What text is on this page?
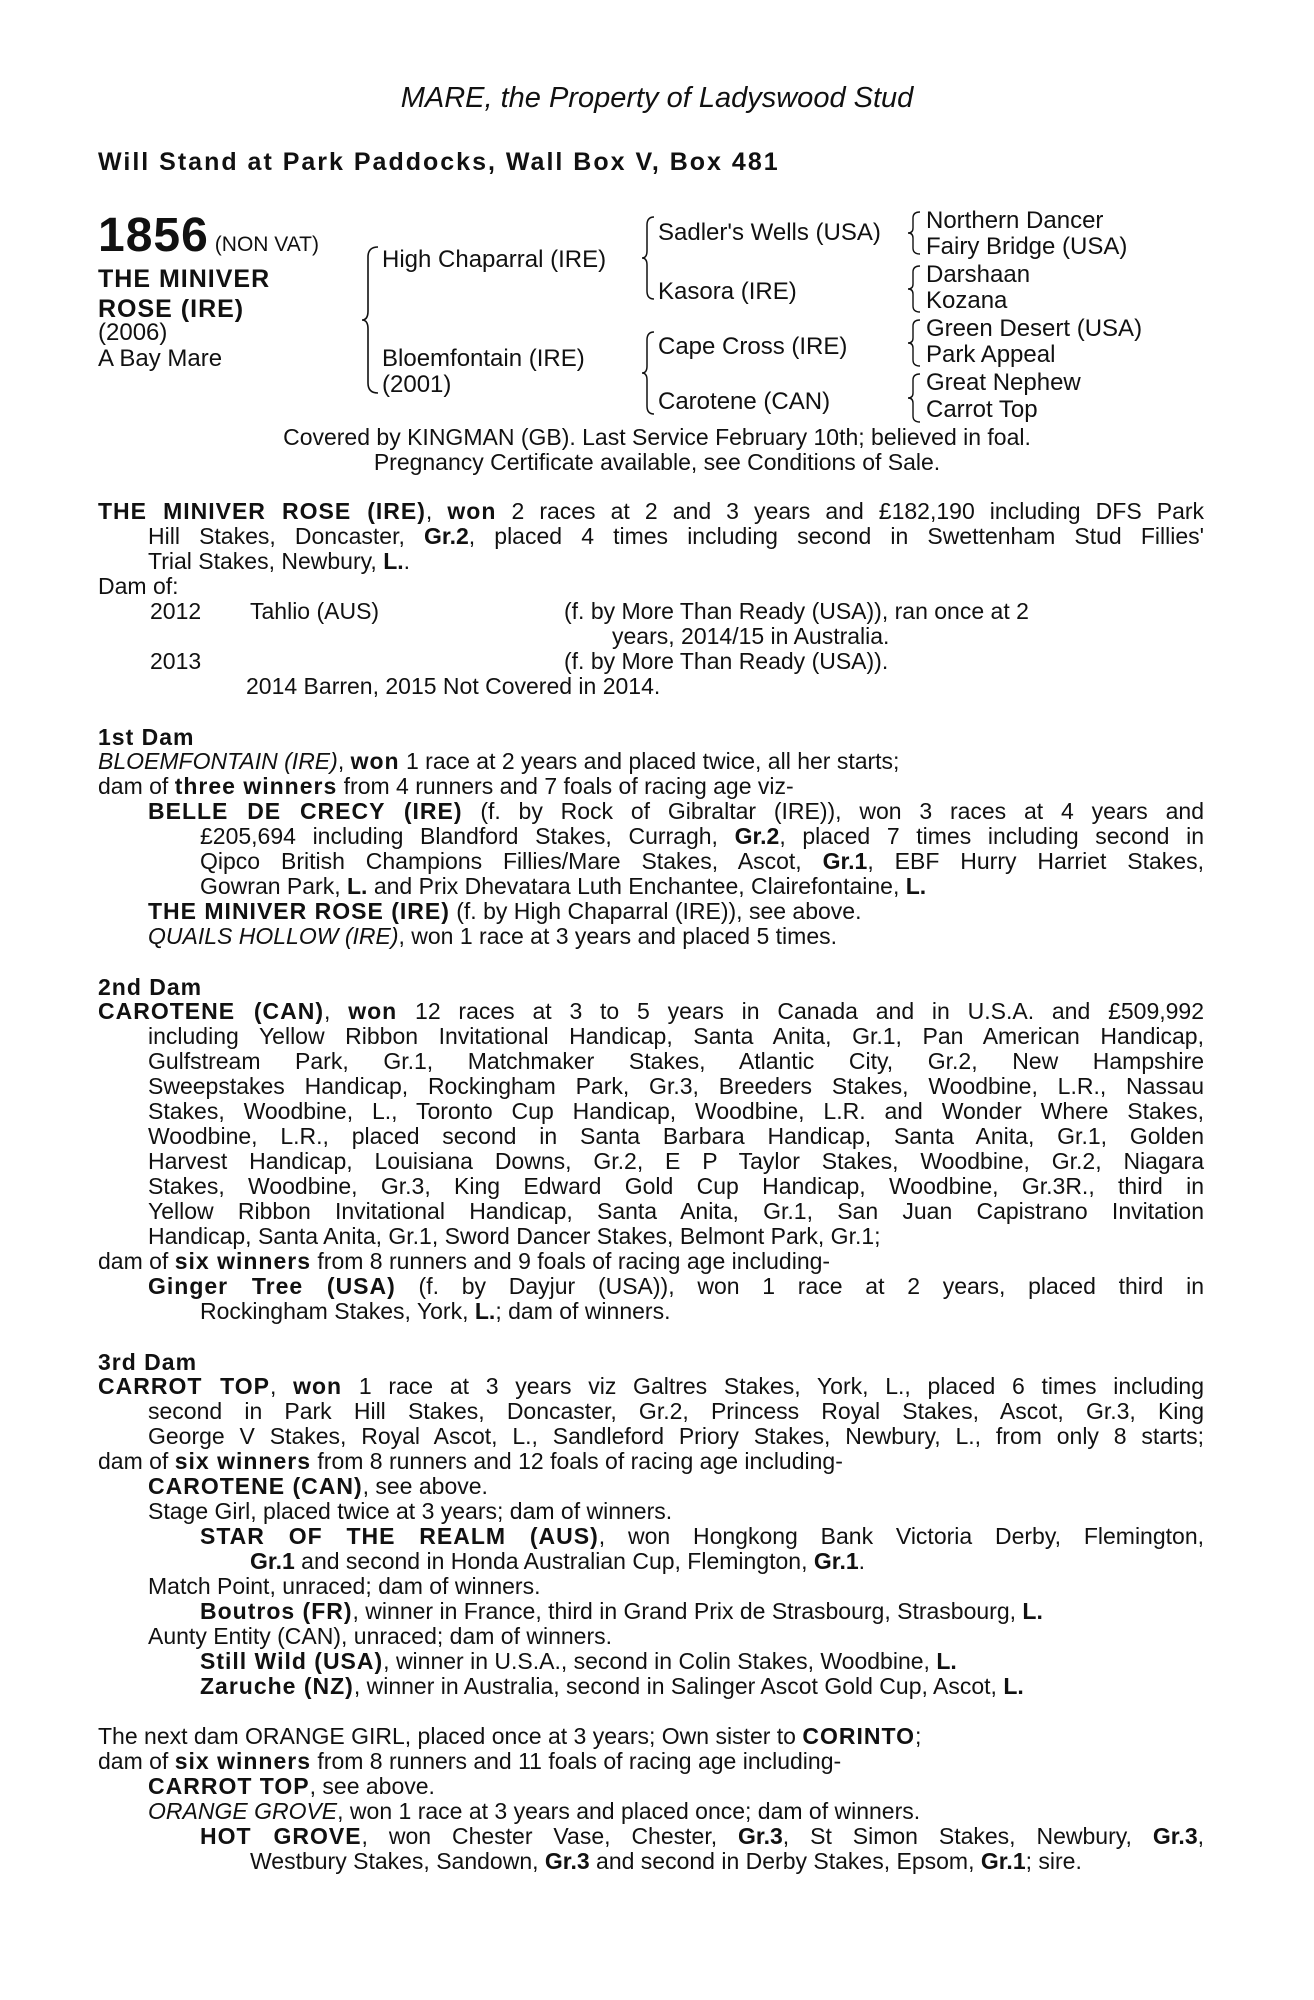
MARE, the Property of Ladyswood Stud
Will Stand at Park Paddocks, Wall Box V, Box 481
1856 (NON VAT)
THE MINIVER
ROSE (IRE)
(2006)
A Bay Mare
High Chaparral (IRE)
Bloemfontain (IRE)
(2001)
Sadler's Wells (USA)
Kasora (IRE)
Cape Cross (IRE)
Carotene (CAN)
Northern Dancer
Fairy Bridge (USA)
Darshaan
Kozana
Green Desert (USA)
Park Appeal
Great Nephew
Carrot Top
Covered by KINGMAN (GB). Last Service February 10th; believed in foal.
Pregnancy Certificate available, see Conditions of Sale.
THE MINIVER ROSE (IRE), won 2 races at 2 and 3 years and £182,190 including DFS Park
Hill Stakes, Doncaster, Gr.2, placed 4 times including second in Swettenham Stud Fillies'
Trial Stakes, Newbury, L..
Dam of:
2012 Tahlio (AUS)	(f. by More Than Ready (USA)), ran once at 2
years, 2014/15 in Australia.
2013	(f. by More Than Ready (USA)).
2014 Barren, 2015 Not Covered in 2014.
1st Dam
BLOEMFONTAIN (IRE), won 1 race at 2 years and placed twice, all her starts;
dam of three winners from 4 runners and 7 foals of racing age viz-
BELLE DE CRECY (IRE) (f. by Rock of Gibraltar (IRE)), won 3 races at 4 years and
£205,694 including Blandford Stakes, Curragh, Gr.2, placed 7 times including second in
Qipco British Champions Fillies/Mare Stakes, Ascot, Gr.1, EBF Hurry Harriet Stakes,
Gowran Park, L. and Prix Dhevatara Luth Enchantee, Clairefontaine, L.
THE MINIVER ROSE (IRE) (f. by High Chaparral (IRE)), see above.
QUAILS HOLLOW (IRE), won 1 race at 3 years and placed 5 times.
2nd Dam
CAROTENE (CAN), won 12 races at 3 to 5 years in Canada and in U.S.A. and £509,992
including Yellow Ribbon Invitational Handicap, Santa Anita, Gr.1, Pan American Handicap,
Gulfstream Park, Gr.1, Matchmaker Stakes, Atlantic City, Gr.2, New Hampshire
Sweepstakes Handicap, Rockingham Park, Gr.3, Breeders Stakes, Woodbine, L.R., Nassau
Stakes, Woodbine, L., Toronto Cup Handicap, Woodbine, L.R. and Wonder Where Stakes,
Woodbine, L.R., placed second in Santa Barbara Handicap, Santa Anita, Gr.1, Golden
Harvest Handicap, Louisiana Downs, Gr.2, E P Taylor Stakes, Woodbine, Gr.2, Niagara
Stakes, Woodbine, Gr.3, King Edward Gold Cup Handicap, Woodbine, Gr.3R., third in
Yellow Ribbon Invitational Handicap, Santa Anita, Gr.1, San Juan Capistrano Invitation
Handicap, Santa Anita, Gr.1, Sword Dancer Stakes, Belmont Park, Gr.1;
dam of six winners from 8 runners and 9 foals of racing age including-
Ginger Tree (USA) (f. by Dayjur (USA)), won 1 race at 2 years, placed third in
Rockingham Stakes, York, L.; dam of winners.
3rd Dam
CARROT TOP, won 1 race at 3 years viz Galtres Stakes, York, L., placed 6 times including
second in Park Hill Stakes, Doncaster, Gr.2, Princess Royal Stakes, Ascot, Gr.3, King
George V Stakes, Royal Ascot, L., Sandleford Priory Stakes, Newbury, L., from only 8 starts;
dam of six winners from 8 runners and 12 foals of racing age including-
CAROTENE (CAN), see above.
Stage Girl, placed twice at 3 years; dam of winners.
STAR OF THE REALM (AUS), won Hongkong Bank Victoria Derby, Flemington,
Gr.1 and second in Honda Australian Cup, Flemington, Gr.1.
Match Point, unraced; dam of winners.
Boutros (FR), winner in France, third in Grand Prix de Strasbourg, Strasbourg, L.
Aunty Entity (CAN), unraced; dam of winners.
Still Wild (USA), winner in U.S.A., second in Colin Stakes, Woodbine, L.
Zaruche (NZ), winner in Australia, second in Salinger Ascot Gold Cup, Ascot, L.
The next dam ORANGE GIRL, placed once at 3 years; Own sister to CORINTO;
dam of six winners from 8 runners and 11 foals of racing age including-
CARROT TOP, see above.
ORANGE GROVE, won 1 race at 3 years and placed once; dam of winners.
HOT GROVE, won Chester Vase, Chester, Gr.3, St Simon Stakes, Newbury, Gr.3,
Westbury Stakes, Sandown, Gr.3 and second in Derby Stakes, Epsom, Gr.1; sire.
